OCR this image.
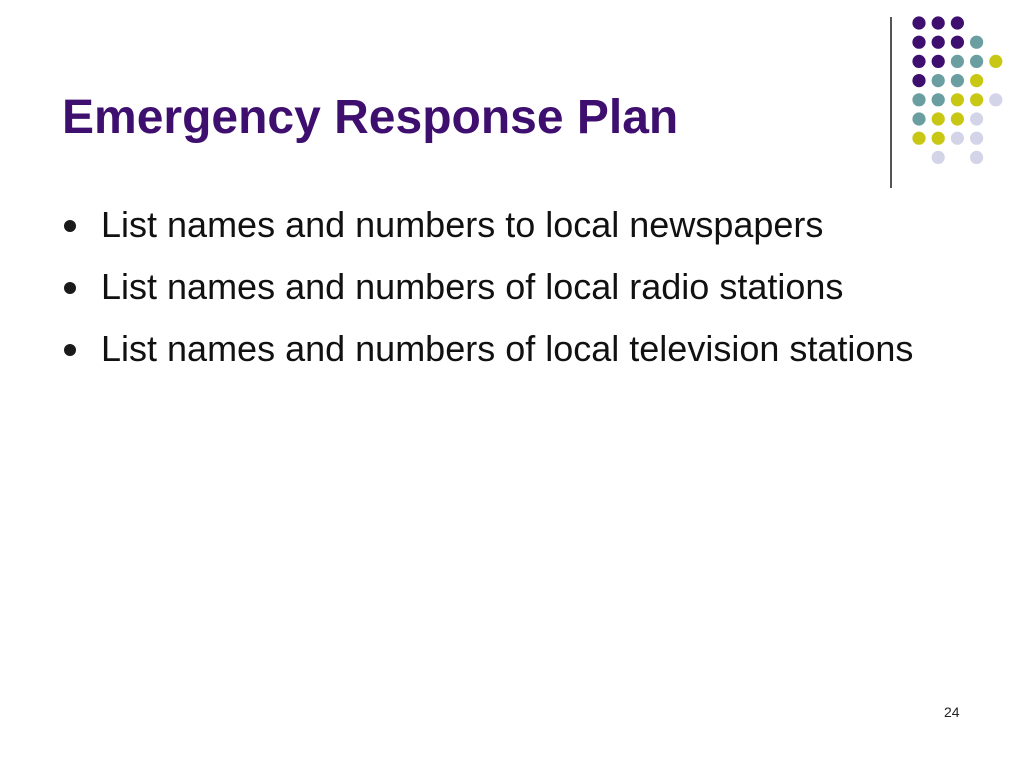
Emergency Response Plan
List names and numbers to local newspapers
List names and numbers of local radio stations
List names and numbers of local television stations
24
